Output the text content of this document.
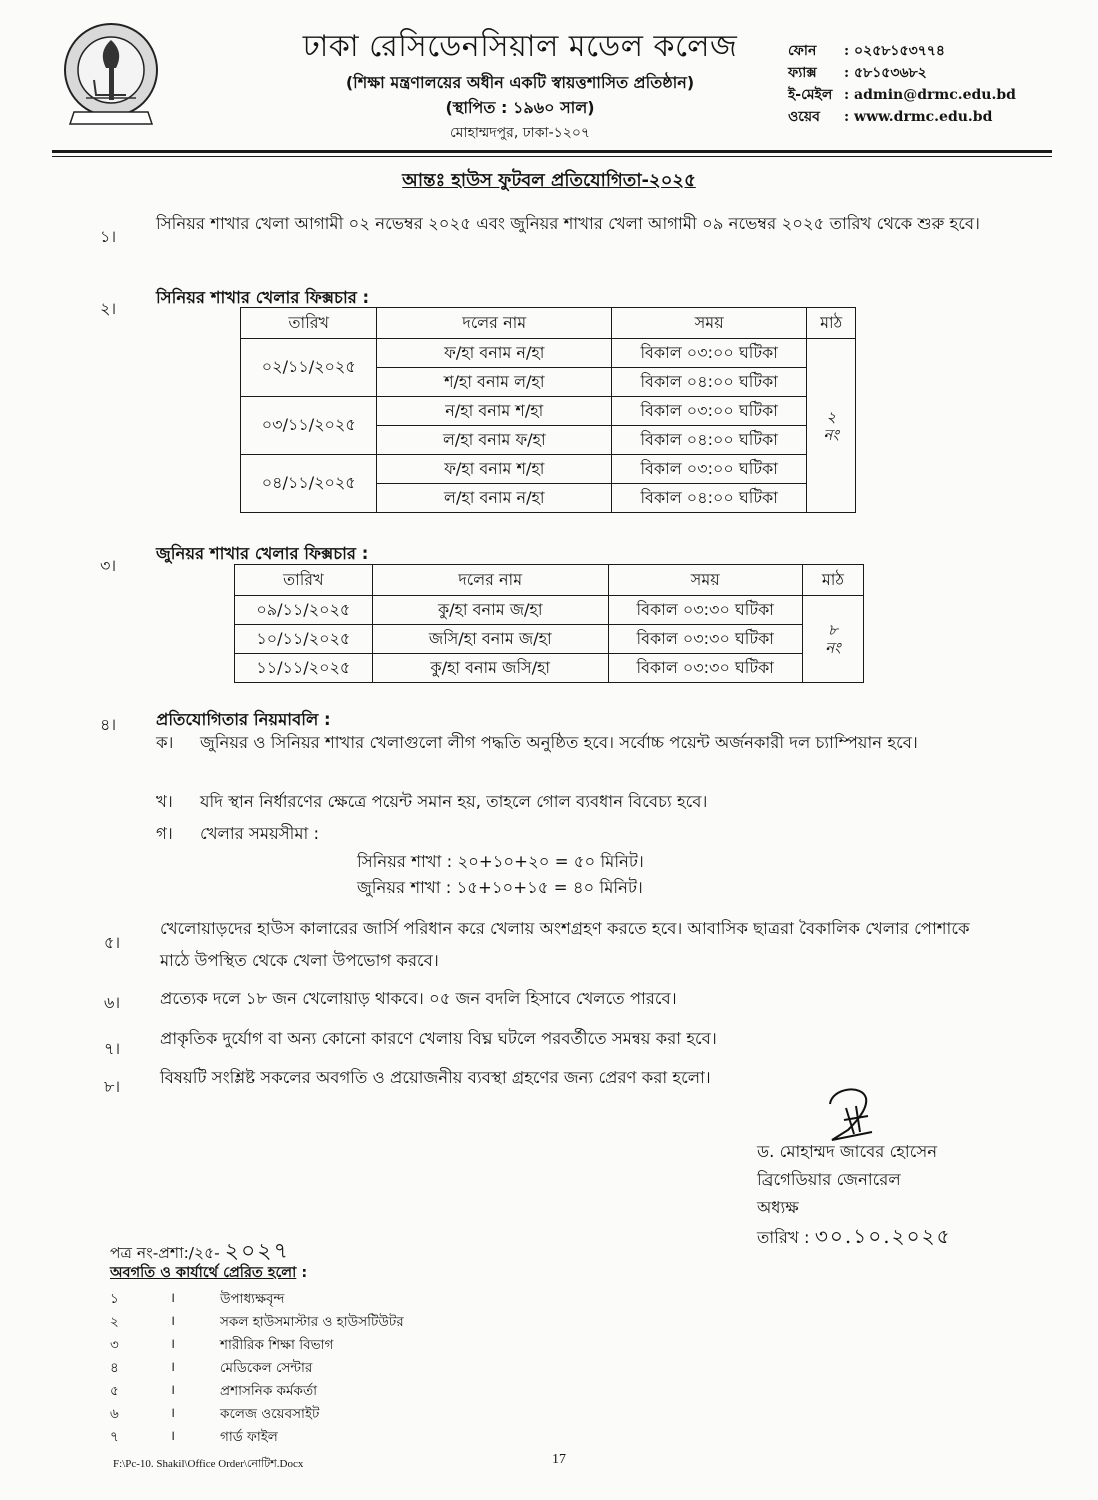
ঢাকা রেসিডেনসিয়াল মডেল কলেজ
(শিক্ষা মন্ত্রণালয়ের অধীন একটি স্বায়ত্তশাসিত প্রতিষ্ঠান)
(স্থাপিত : ১৯৬০ সাল)
মোহাম্মদপুর, ঢাকা-১২০৭
ফোন	: ০২৫৮১৫৩৭৭৪
ফ্যাক্স	: ৫৮১৫৩৬৮২
ই-মেইল : admin@drmc.edu.bd
ওয়েব	: www.drmc.edu.bd
আন্তঃ হাউস ফুটবল প্রতিযোগিতা-২০২৫
১।
সিনিয়র শাখার খেলা আগামী ০২ নভেম্বর ২০২৫ এবং জুনিয়র শাখার খেলা আগামী ০৯ নভেম্বর ২০২৫ তারিখ থেকে শুরু হবে।
২।
সিনিয়র শাখার খেলার ফিক্সচার :
তারিখ	দলের নাম	সময়	মাঠ
০২/১১/২০২৫	ফ/হা বনাম ন/হা	বিকাল ০৩:০০ ঘটিকা	২
নং

	শ/হা বনাম ল/হা	বিকাল ০৪:০০ ঘটিকা	
০৩/১১/২০২৫	ন/হা বনাম শ/হা	বিকাল ০৩:০০ ঘটিকা	
	ল/হা বনাম ফ/হা	বিকাল ০৪:০০ ঘটিকা	
০৪/১১/২০২৫	ফ/হা বনাম শ/হা	বিকাল ০৩:০০ ঘটিকা	
	ল/হা বনাম ন/হা	বিকাল ০৪:০০ ঘটিকা	
৩।
জুনিয়র শাখার খেলার ফিক্সচার :
তারিখ	দলের নাম	সময়	মাঠ
০৯/১১/২০২৫	কু/হা বনাম জ/হা	বিকাল ০৩:৩০ ঘটিকা	৮
নং

১০/১১/২০২৫	জসি/হা বনাম জ/হা	বিকাল ০৩:৩০ ঘটিকা	
১১/১১/২০২৫	কু/হা বনাম জসি/হা	বিকাল ০৩:৩০ ঘটিকা	
৪। প্রতিযোগিতার নিয়মাবলি :
ক। জুনিয়র ও সিনিয়র শাখার খেলাগুলো লীগ পদ্ধতি অনুষ্ঠিত হবে। সর্বোচ্চ পয়েন্ট অর্জনকারী দল চ্যাম্পিয়ান হবে।
খ। যদি স্থান নির্ধারণের ক্ষেত্রে পয়েন্ট সমান হয়, তাহলে গোল ব্যবধান বিবেচ্য হবে।
গ। খেলার সময়সীমা :
সিনিয়র শাখা : ২০+১০+২০ = ৫০ মিনিট।
জুনিয়র শাখা : ১৫+১০+১৫ = ৪০ মিনিট।
৫।
খেলোয়াড়দের হাউস কালারের জার্সি পরিধান করে খেলায় অংশগ্রহণ করতে হবে। আবাসিক ছাত্ররা বৈকালিক খেলার পোশাকে মাঠে উপস্থিত থেকে খেলা উপভোগ করবে।
৬। প্রত্যেক দলে ১৮ জন খেলোয়াড় থাকবে। ০৫ জন বদলি হিসাবে খেলতে পারবে।
৭।
প্রাকৃতিক দুর্যোগ বা অন্য কোনো কারণে খেলায় বিঘ্ন ঘটলে পরবর্তীতে সমন্বয় করা হবে।
৮। বিষয়টি সংশ্লিষ্ট সকলের অবগতি ও প্রয়োজনীয় ব্যবস্থা গ্রহণের জন্য প্রেরণ করা হলো।
ড. মোহাম্মদ জাবের হোসেন
ব্রিগেডিয়ার জেনারেল
অধ্যক্ষ
তারিখ : ৩০.১০.২০২৫
পত্র নং-প্রশা:/২৫- ২০২৭
অবগতি ও কার্যার্থে প্রেরিত হলো :
১	।	উপাধ্যক্ষবৃন্দ
২	।	সকল হাউসমাস্টার ও হাউসটিউটর
৩	।	শারীরিক শিক্ষা বিভাগ
৪	।	মেডিকেল সেন্টার
৫	।	প্রশাসনিক কর্মকর্তা
৬	।	কলেজ ওয়েবসাইট
৭	।	গার্ড ফাইল
F:\Pc-10. Shakil\Office Order\নোটিশ.Docx	17
